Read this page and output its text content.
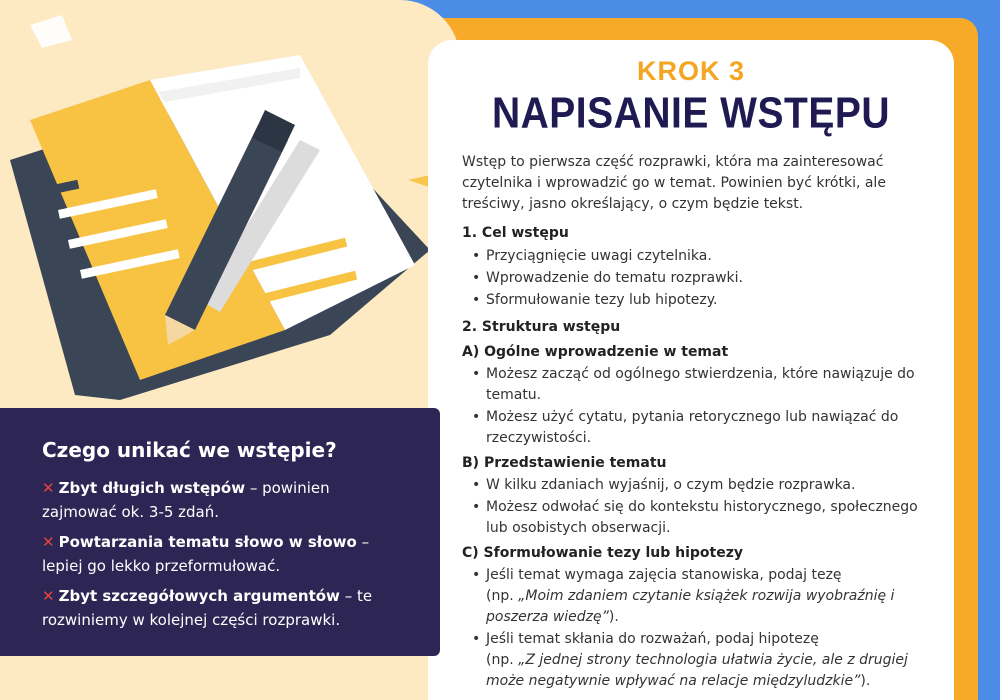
KROK 3
NAPISANIE WSTĘPU

Wstęp to pierwsza część rozprawki, która ma zainteresować czytelnika i wprowadzić go w temat. Powinien być krótki, ale treściwy, jasno określający, o czym będzie tekst.

1. Cel wstępu
• Przyciągnięcie uwagi czytelnika.
• Wprowadzenie do tematu rozprawki.
• Sformułowanie tezy lub hipotezy.
2. Struktura wstępu
A) Ogólne wprowadzenie w temat
• Możesz zacząć od ogólnego stwierdzenia, które nawiązuje do tematu.
• Możesz użyć cytatu, pytania retorycznego lub nawiązać do rzeczywistości.
B) Przedstawienie tematu
• W kilku zdaniach wyjaśnij, o czym będzie rozprawka.
• Możesz odwołać się do kontekstu historycznego, społecznego lub osobistych obserwacji.
C) Sformułowanie tezy lub hipotezy
• Jeśli temat wymaga zajęcia stanowiska, podaj tezę
(np. „Moim zdaniem czytanie książek rozwija wyobraźnię i poszerza wiedzę”).
• Jeśli temat skłania do rozważań, podaj hipotezę
(np. „Z jednej strony technologia ułatwia życie, ale z drugiej może negatywnie wpływać na relacje międzyludzkie”).
Czego unikać we wstępie?
✕ Zbyt długich wstępów – powinien zajmować ok. 3-5 zdań.
✕ Powtarzania tematu słowo w słowo – lepiej go lekko przeformułować.
✕ Zbyt szczegółowych argumentów – te rozwiniemy w kolejnej części rozprawki.
